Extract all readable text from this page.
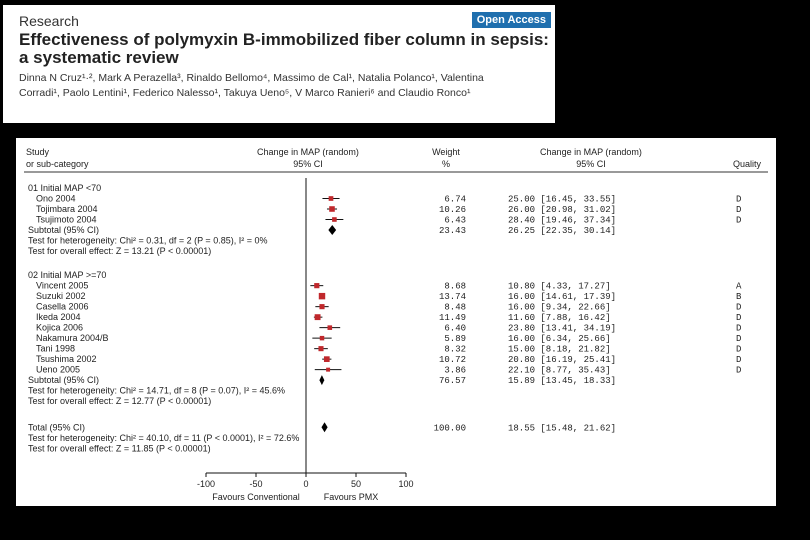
Research
Effectiveness of polymyxin B-immobilized fiber column in sepsis: a systematic review
Dinna N Cruz¹·², Mark A Perazella³, Rinaldo Bellomo⁴, Massimo de Cal¹, Natalia Polanco¹, Valentina Corradi¹, Paolo Lentini¹, Federico Nalesso¹, Takuya Ueno⁵, V Marco Ranieri⁶ and Claudio Ronco¹
Open Access
Study
or sub-category
Change in MAP (random)
95% CI
Weight
%
Change in MAP (random)
95% CI	Quality
01 Initial MAP <70
Ono 2004	6.74	25.00 [16.45, 33.55]	D
Tojimbara 2004	10.26	26.00 [20.98, 31.02]	D
Tsujimoto 2004	6.43	28.40 [19.46, 37.34]	D
Subtotal (95% CI)	23.43	26.25 [22.35, 30.14]
Test for heterogeneity: Chi² = 0.31, df = 2 (P = 0.85), I² = 0%
Test for overall effect: Z = 13.21 (P < 0.00001)
02 Initial MAP >=70
Vincent 2005	8.68	10.80 [4.33, 17.27]	A
Suzuki 2002	13.74	16.00 [14.61, 17.39]	B
Casella 2006	8.48	16.00 [9.34, 22.66]	D
Ikeda 2004	11.49	11.60 [7.88, 16.42]	D
Kojica 2006	6.40	23.80 [13.41, 34.19]	D
Nakamura 2004/B	5.89	16.00 [6.34, 25.66]	D
Tani 1998	8.32	15.00 [8.18, 21.82]	D
Tsushima 2002	10.72	20.80 [16.19, 25.41]	D
Ueno 2005	3.86	22.10 [8.77, 35.43]	D
Subtotal (95% CI)	76.57	15.89 [13.45, 18.33]
Test for heterogeneity: Chi² = 14.71, df = 8 (P = 0.07), I² = 45.6%
Test for overall effect: Z = 12.77 (P < 0.00001)
Total (95% CI)	100.00	18.55 [15.48, 21.62]
Test for heterogeneity: Chi² = 40.10, df = 11 (P < 0.0001), I² = 72.6%
Test for overall effect: Z = 11.85 (P < 0.00001)
-100	-50	0	50	100
Favours Conventional	Favours PMX
